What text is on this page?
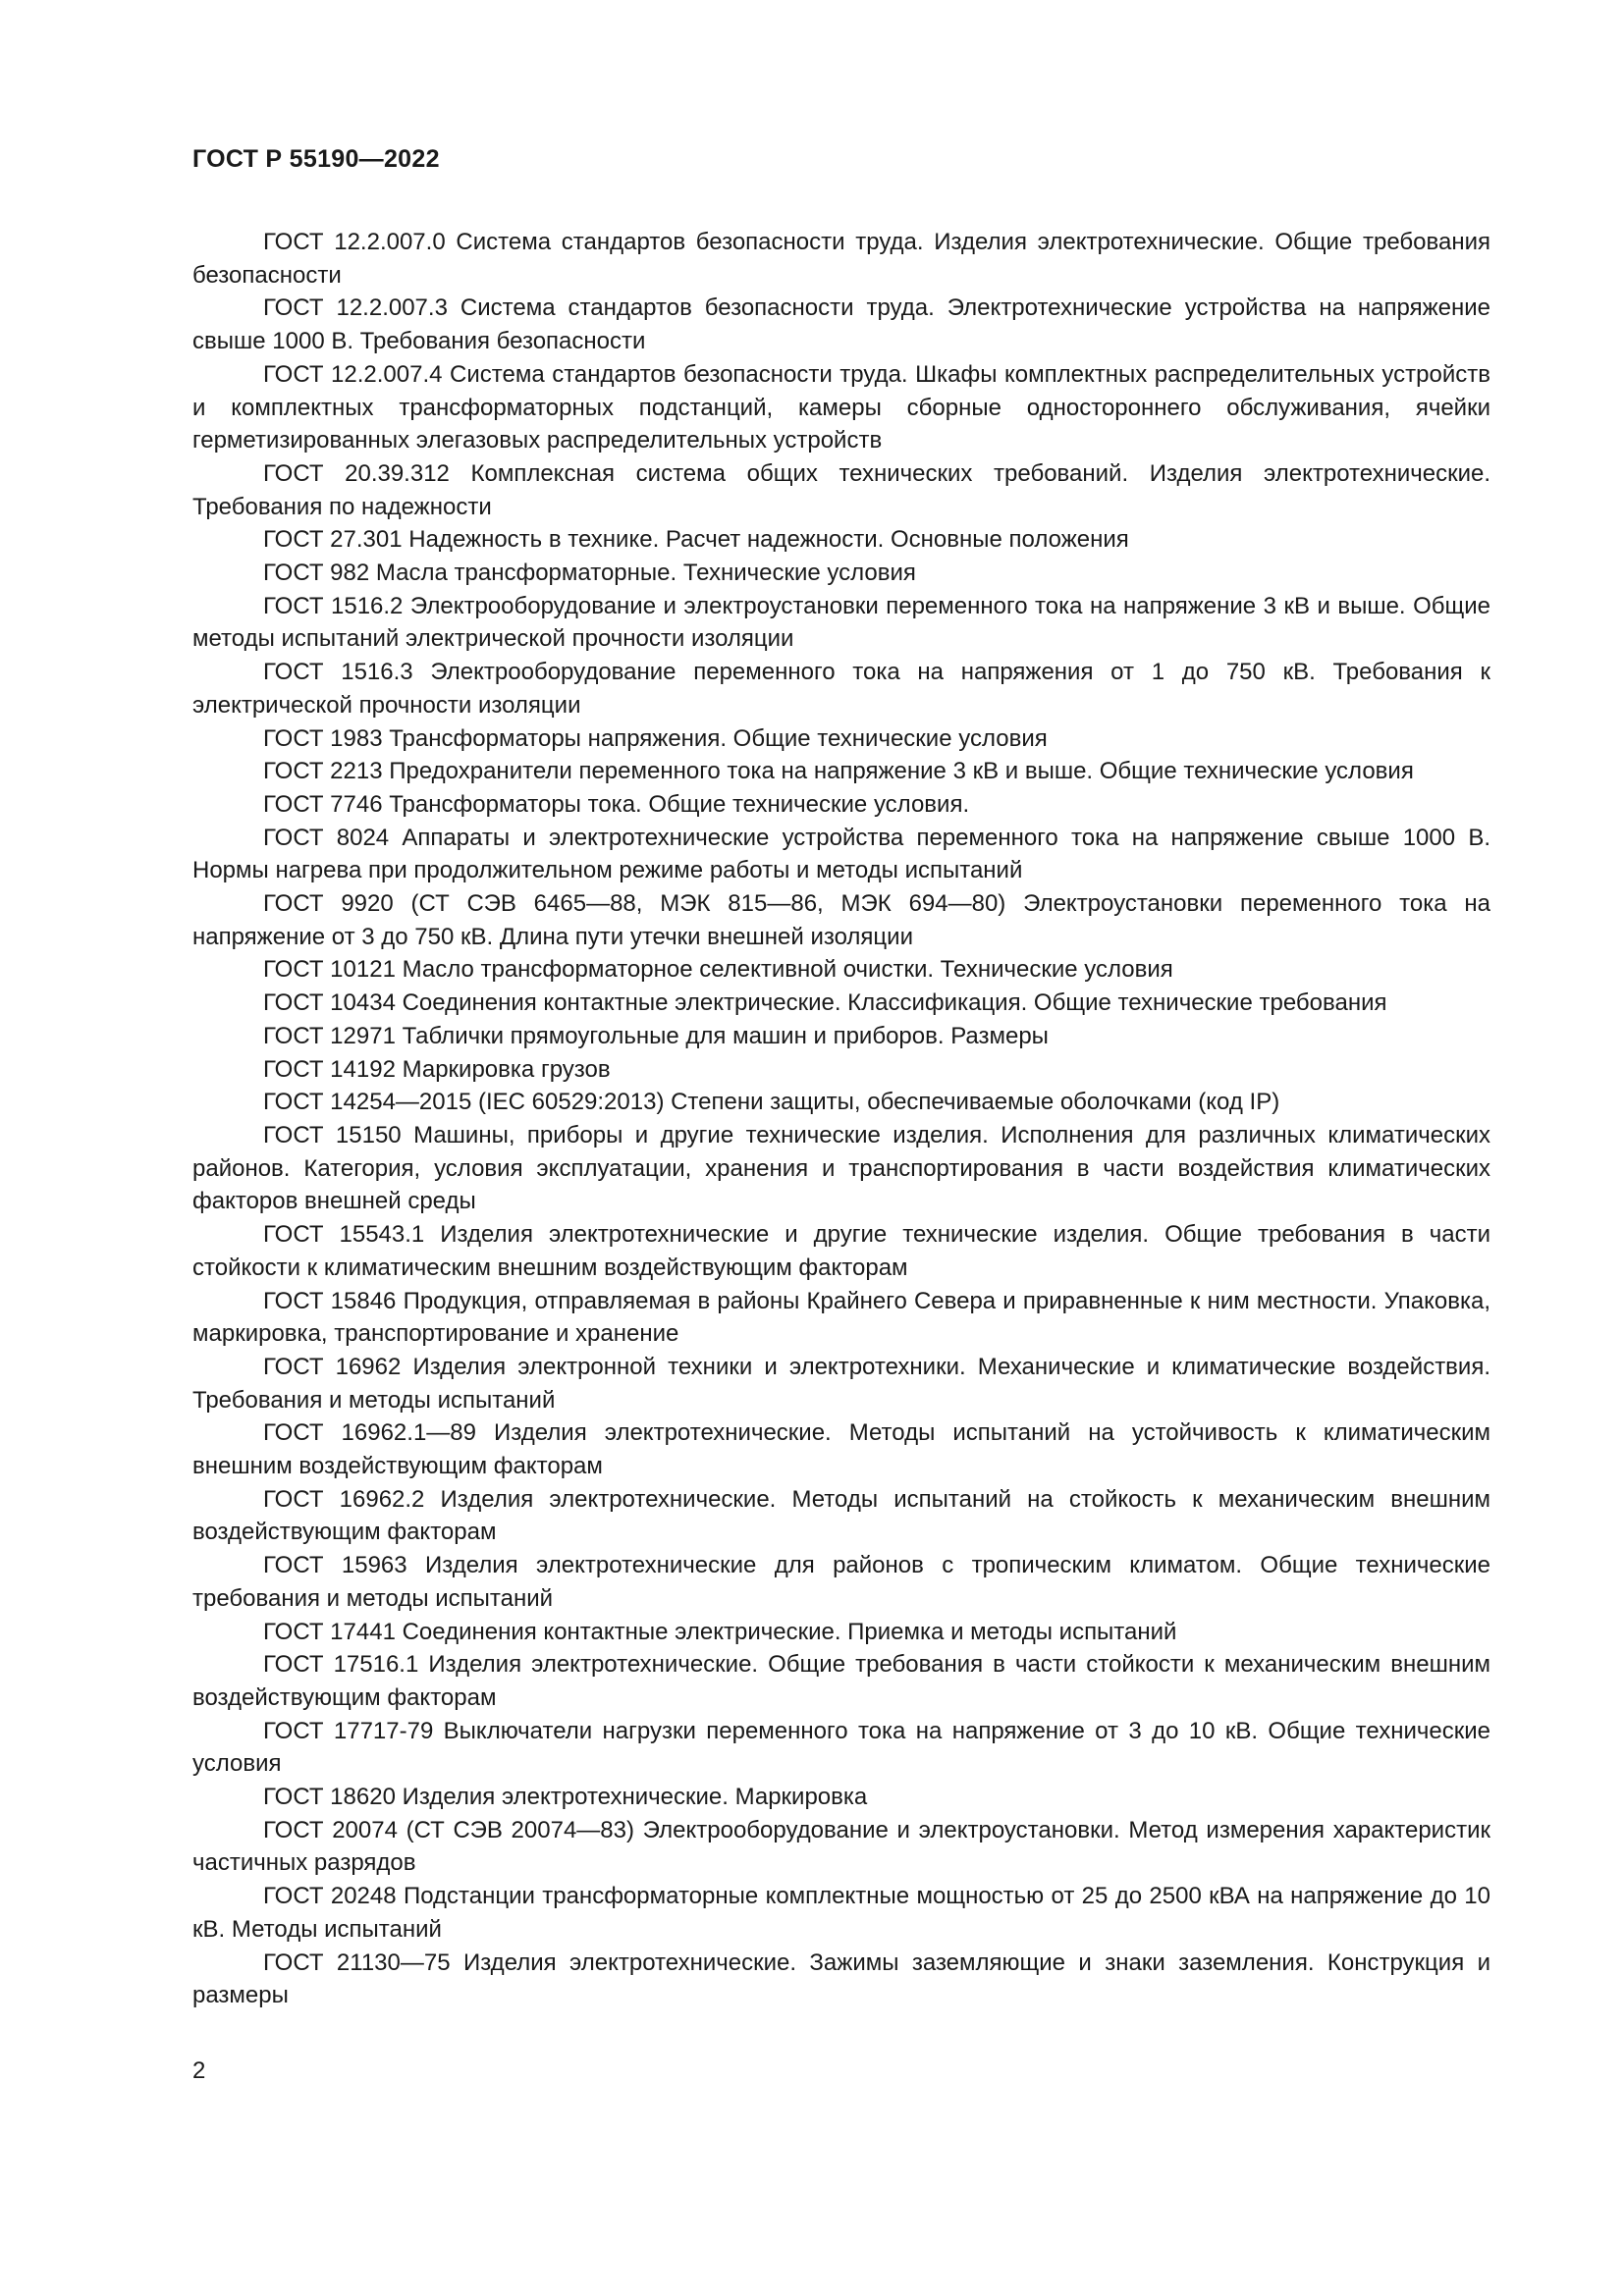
ГОСТ Р 55190—2022
ГОСТ 12.2.007.0 Система стандартов безопасности труда. Изделия электротехнические. Общие требования безопасности
ГОСТ 12.2.007.3 Система стандартов безопасности труда. Электротехнические устройства на напряжение свыше 1000 В. Требования безопасности
ГОСТ 12.2.007.4 Система стандартов безопасности труда. Шкафы комплектных распределительных устройств и комплектных трансформаторных подстанций, камеры сборные одностороннего обслуживания, ячейки герметизированных элегазовых распределительных устройств
ГОСТ 20.39.312 Комплексная система общих технических требований. Изделия электротехнические. Требования по надежности
ГОСТ 27.301 Надежность в технике. Расчет надежности. Основные положения
ГОСТ 982 Масла трансформаторные. Технические условия
ГОСТ 1516.2 Электрооборудование и электроустановки переменного тока на напряжение 3 кВ и выше. Общие методы испытаний электрической прочности изоляции
ГОСТ 1516.3 Электрооборудование переменного тока на напряжения от 1 до 750 кВ. Требования к электрической прочности изоляции
ГОСТ 1983 Трансформаторы напряжения. Общие технические условия
ГОСТ 2213 Предохранители переменного тока на напряжение 3 кВ и выше. Общие технические условия
ГОСТ 7746 Трансформаторы тока. Общие технические условия.
ГОСТ 8024 Аппараты и электротехнические устройства переменного тока на напряжение свыше 1000 В. Нормы нагрева при продолжительном режиме работы и методы испытаний
ГОСТ 9920 (СТ СЭВ 6465—88, МЭК 815—86, МЭК 694—80) Электроустановки переменного тока на напряжение от 3 до 750 кВ. Длина пути утечки внешней изоляции
ГОСТ 10121 Масло трансформаторное селективной очистки. Технические условия
ГОСТ 10434 Соединения контактные электрические. Классификация. Общие технические требования
ГОСТ 12971 Таблички прямоугольные для машин и приборов. Размеры
ГОСТ 14192 Маркировка грузов
ГОСТ 14254—2015 (IEC 60529:2013) Степени защиты, обеспечиваемые оболочками (код IP)
ГОСТ 15150 Машины, приборы и другие технические изделия. Исполнения для различных климатических районов. Категория, условия эксплуатации, хранения и транспортирования в части воздействия климатических факторов внешней среды
ГОСТ 15543.1 Изделия электротехнические и другие технические изделия. Общие требования в части стойкости к климатическим внешним воздействующим факторам
ГОСТ 15846 Продукция, отправляемая в районы Крайнего Севера и приравненные к ним местности. Упаковка, маркировка, транспортирование и хранение
ГОСТ 16962 Изделия электронной техники и электротехники. Механические и климатические воздействия. Требования и методы испытаний
ГОСТ 16962.1—89 Изделия электротехнические. Методы испытаний на устойчивость к климатическим внешним воздействующим факторам
ГОСТ 16962.2 Изделия электротехнические. Методы испытаний на стойкость к механическим внешним воздействующим факторам
ГОСТ 15963 Изделия электротехнические для районов с тропическим климатом. Общие технические требования и методы испытаний
ГОСТ 17441 Соединения контактные электрические. Приемка и методы испытаний
ГОСТ 17516.1 Изделия электротехнические. Общие требования в части стойкости к механическим внешним воздействующим факторам
ГОСТ 17717-79 Выключатели нагрузки переменного тока на напряжение от 3 до 10 кВ. Общие технические условия
ГОСТ 18620 Изделия электротехнические. Маркировка
ГОСТ 20074 (СТ СЭВ 20074—83) Электрооборудование и электроустановки. Метод измерения характеристик частичных разрядов
ГОСТ 20248 Подстанции трансформаторные комплектные мощностью от 25 до 2500 кВА на напряжение до 10 кВ. Методы испытаний
ГОСТ 21130—75 Изделия электротехнические. Зажимы заземляющие и знаки заземления. Конструкция и размеры
2
